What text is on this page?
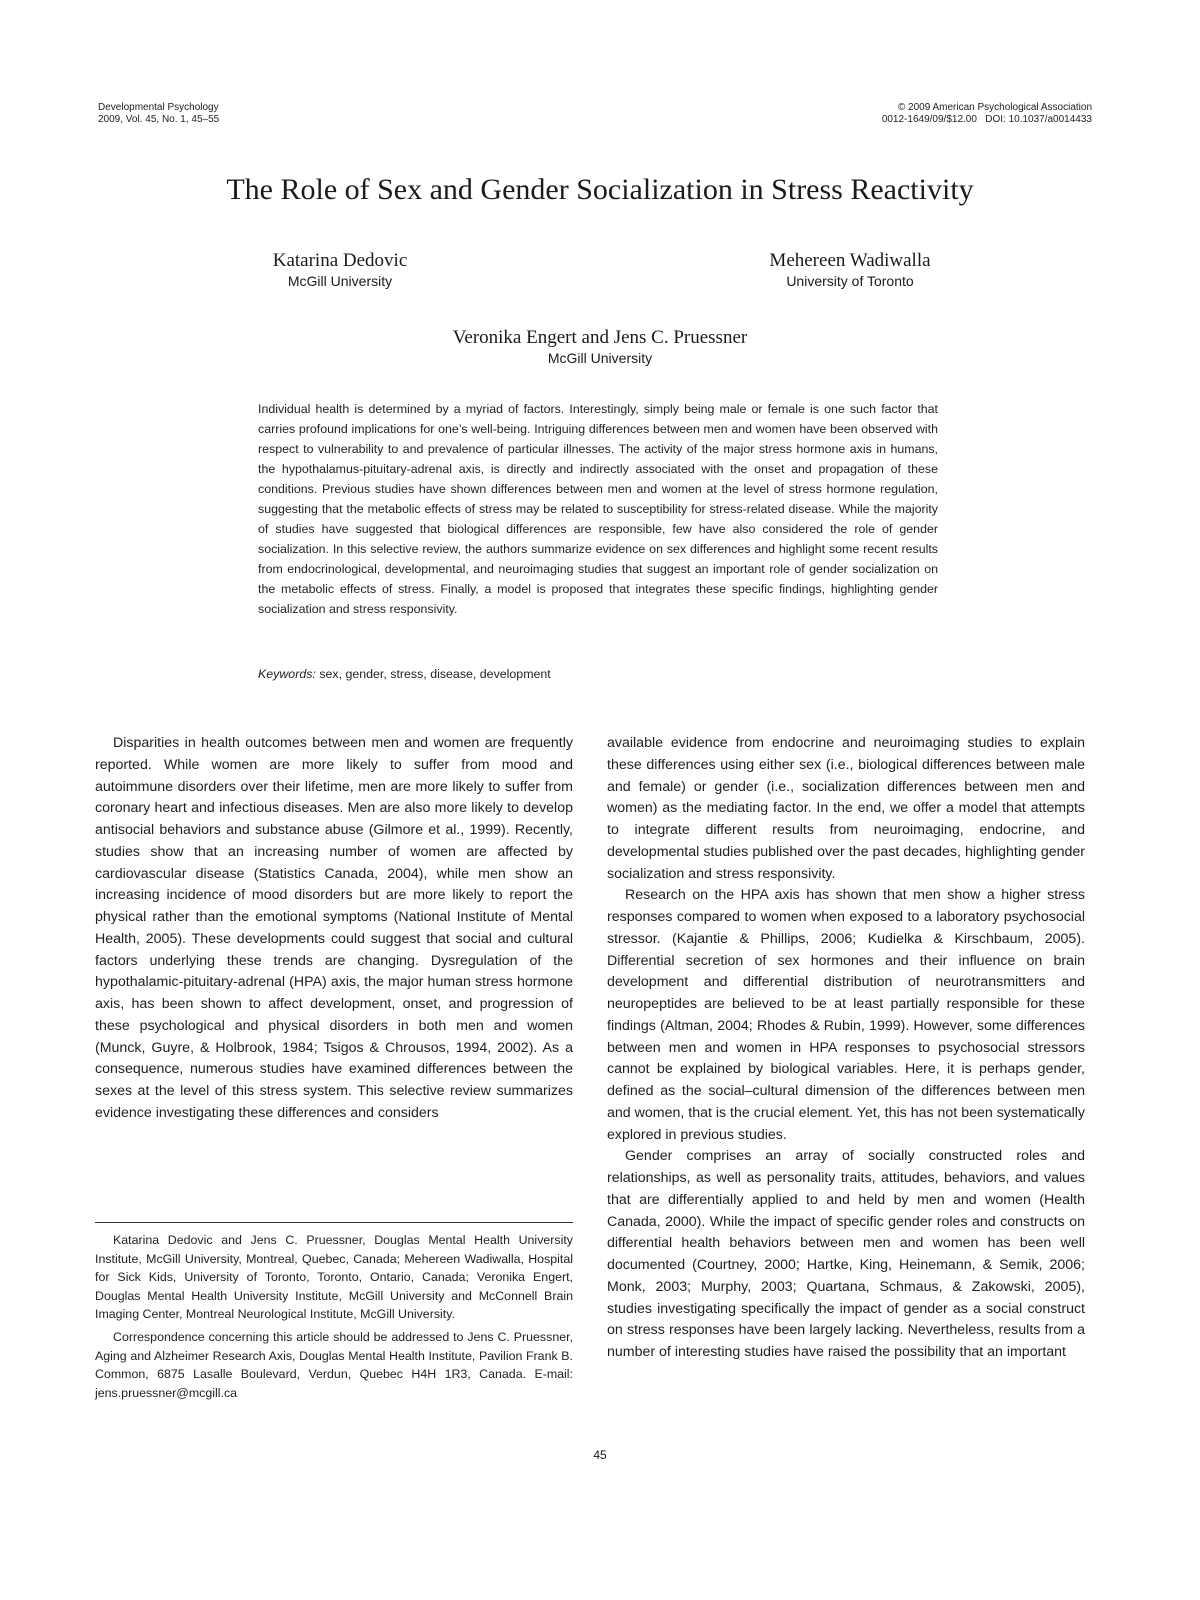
Developmental Psychology
2009, Vol. 45, No. 1, 45–55
© 2009 American Psychological Association
0012-1649/09/$12.00   DOI: 10.1037/a0014433
The Role of Sex and Gender Socialization in Stress Reactivity
Katarina Dedovic
McGill University
Mehereen Wadiwalla
University of Toronto
Veronika Engert and Jens C. Pruessner
McGill University
Individual health is determined by a myriad of factors. Interestingly, simply being male or female is one such factor that carries profound implications for one’s well-being. Intriguing differences between men and women have been observed with respect to vulnerability to and prevalence of particular illnesses. The activity of the major stress hormone axis in humans, the hypothalamus-pituitary-adrenal axis, is directly and indirectly associated with the onset and propagation of these conditions. Previous studies have shown differences between men and women at the level of stress hormone regulation, suggesting that the metabolic effects of stress may be related to susceptibility for stress-related disease. While the majority of studies have suggested that biological differences are responsible, few have also considered the role of gender socialization. In this selective review, the authors summarize evidence on sex differences and highlight some recent results from endocrinological, developmental, and neuroimaging studies that suggest an important role of gender socialization on the metabolic effects of stress. Finally, a model is proposed that integrates these specific findings, highlighting gender socialization and stress responsivity.
Keywords: sex, gender, stress, disease, development

Disparities in health outcomes between men and women are frequently reported. While women are more likely to suffer from mood and autoimmune disorders over their lifetime, men are more likely to suffer from coronary heart and infectious diseases. Men are also more likely to develop antisocial behaviors and substance abuse (Gilmore et al., 1999). Recently, studies show that an increasing number of women are affected by cardiovascular disease (Statistics Canada, 2004), while men show an increasing incidence of mood disorders but are more likely to report the physical rather than the emotional symptoms (National Institute of Mental Health, 2005). These developments could suggest that social and cultural factors underlying these trends are changing. Dysregulation of the hypothalamic-pituitary-adrenal (HPA) axis, the major human stress hormone axis, has been shown to affect development, onset, and progression of these psychological and physical disorders in both men and women (Munck, Guyre, & Holbrook, 1984; Tsigos & Chrousos, 1994, 2002). As a consequence, numerous studies have examined differences between the sexes at the level of this stress system. This selective review summarizes evidence investigating these differences and considers

available evidence from endocrine and neuroimaging studies to explain these differences using either sex (i.e., biological differences between male and female) or gender (i.e., socialization differences between men and women) as the mediating factor. In the end, we offer a model that attempts to integrate different results from neuroimaging, endocrine, and developmental studies published over the past decades, highlighting gender socialization and stress responsivity.

Research on the HPA axis has shown that men show a higher stress responses compared to women when exposed to a laboratory psychosocial stressor. (Kajantie & Phillips, 2006; Kudielka & Kirschbaum, 2005). Differential secretion of sex hormones and their influence on brain development and differential distribution of neurotransmitters and neuropeptides are believed to be at least partially responsible for these findings (Altman, 2004; Rhodes & Rubin, 1999). However, some differences between men and women in HPA responses to psychosocial stressors cannot be explained by biological variables. Here, it is perhaps gender, defined as the social–cultural dimension of the differences between men and women, that is the crucial element. Yet, this has not been systematically explored in previous studies.

Gender comprises an array of socially constructed roles and relationships, as well as personality traits, attitudes, behaviors, and values that are differentially applied to and held by men and women (Health Canada, 2000). While the impact of specific gender roles and constructs on differential health behaviors between men and women has been well documented (Courtney, 2000; Hartke, King, Heinemann, & Semik, 2006; Monk, 2003; Murphy, 2003; Quartana, Schmaus, & Zakowski, 2005), studies investigating specifically the impact of gender as a social construct on stress responses have been largely lacking. Nevertheless, results from a number of interesting studies have raised the possibility that an important

Katarina Dedovic and Jens C. Pruessner, Douglas Mental Health University Institute, McGill University, Montreal, Quebec, Canada; Mehereen Wadiwalla, Hospital for Sick Kids, University of Toronto, Toronto, Ontario, Canada; Veronika Engert, Douglas Mental Health University Institute, McGill University and McConnell Brain Imaging Center, Montreal Neurological Institute, McGill University.

Correspondence concerning this article should be addressed to Jens C. Pruessner, Aging and Alzheimer Research Axis, Douglas Mental Health Institute, Pavilion Frank B. Common, 6875 Lasalle Boulevard, Verdun, Quebec H4H 1R3, Canada. E-mail: jens.pruessner@mcgill.ca

45
